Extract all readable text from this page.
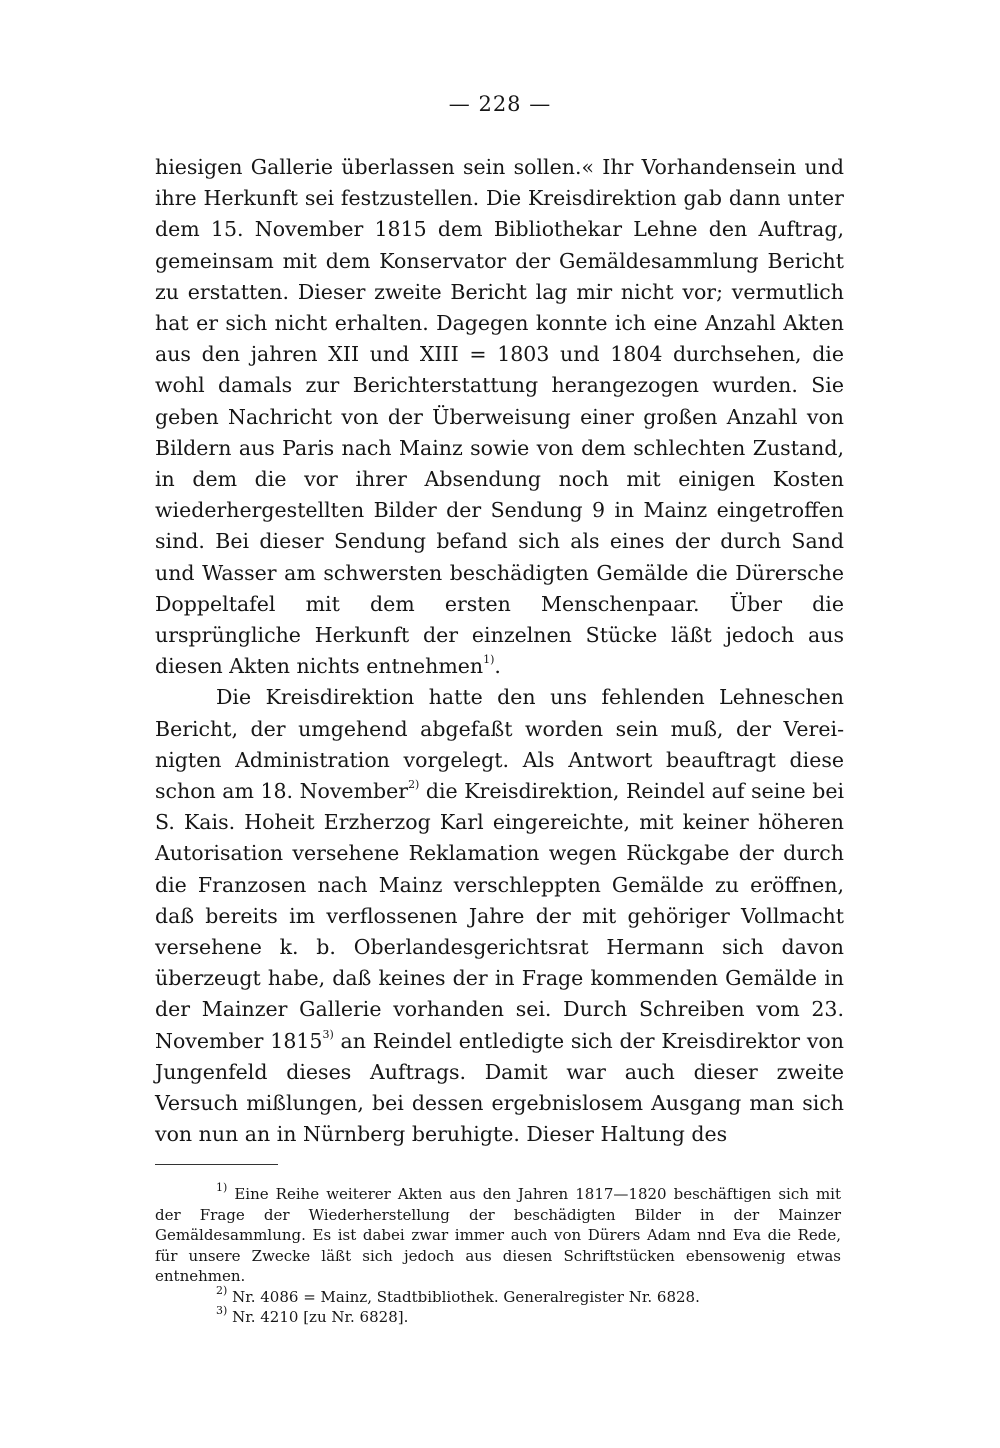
— 228 —

hiesigen Gallerie überlassen sein sollen.« Ihr Vorhandensein und ihre Herkunft sei festzustellen. Die Kreisdirektion gab dann unter dem 15. November 1815 dem Bibliothekar Lehne den Auftrag, gemeinsam mit dem Konservator der Gemäldesammlung Bericht zu erstatten. Dieser zweite Bericht lag mir nicht vor; vermutlich hat er sich nicht erhalten. Dagegen konnte ich eine Anzahl Akten aus den jahren XII und XIII = 1803 und 1804 durchsehen, die wohl damals zur Berichterstattung herangezogen wurden. Sie geben Nachricht von der Überweisung einer großen Anzahl von Bildern aus Paris nach Mainz sowie von dem schlechten Zustand, in dem die vor ihrer Absendung noch mit einigen Kosten wiederhergestellten Bilder der Sendung 9 in Mainz eingetroffen sind. Bei dieser Sendung befand sich als eines der durch Sand und Wasser am schwersten beschädigten Gemälde die Dürersche Doppeltafel mit dem ersten Menschenpaar. Über die ursprüngliche Herkunft der einzelnen Stücke läßt jedoch aus diesen Akten nichts entnehmen$^{1)}$.

Die Kreisdirektion hatte den uns fehlenden Lehneschen Bericht, der umgehend abgefaßt worden sein muß, der Vereinigten Administration vorgelegt. Als Antwort beauftragt diese schon am 18. November$^{2)}$ die Kreisdirektion, Reindel auf seine bei S. Kais. Hoheit Erzherzog Karl eingereichte, mit keiner höheren Autorisation versehene Reklamation wegen Rückgabe der durch die Franzosen nach Mainz verschleppten Gemälde zu eröffnen, daß bereits im verflossenen Jahre der mit gehöriger Vollmacht versehene k. b. Oberlandesgerichtsrat Hermann sich davon überzeugt habe, daß keines der in Frage kommenden Gemälde in der Mainzer Gallerie vorhanden sei. Durch Schreiben vom 23. November 1815$^{3)}$ an Reindel entledigte sich der Kreisdirektor von Jungenfeld dieses Auftrags. Damit war auch dieser zweite Versuch mißlungen, bei dessen ergebnislosem Ausgang man sich von nun an in Nürnberg beruhigte. Dieser Haltung des

$^{1)}$ Eine Reihe weiterer Akten aus den Jahren 1817—1820 beschäftigen sich mit der Frage der Wiederherstellung der beschädigten Bilder in der Mainzer Gemäldesammlung. Es ist dabei zwar immer auch von Dürers Adam nnd Eva die Rede, für unsere Zwecke läßt sich jedoch aus diesen Schriftstücken ebensowenig etwas entnehmen.

$^{2)}$ Nr. 4086 = Mainz, Stadtbibliothek. Generalregister Nr. 6828.

$^{3)}$ Nr. 4210 [zu Nr. 6828].
